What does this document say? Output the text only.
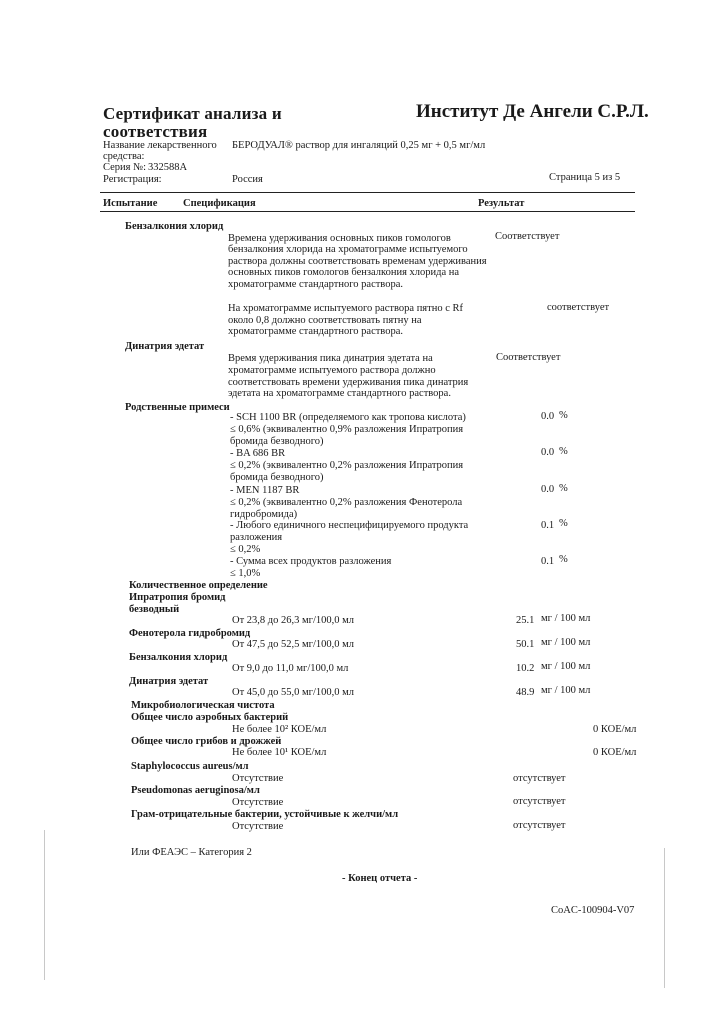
Сертификат анализа и
соответствия
Институт Де Ангели С.Р.Л.
Название лекарственного
средства:
БЕРОДУАЛ® раствор для ингаляций 0,25 мг + 0,5 мг/мл
Серия №: 332588A
Регистрация:	Россия	Страница 5 из 5
Испытание Спецификация	Результат
Бензалкония хлорид
Времена удерживания основных пиков гомологов
бензалкония хлорида на хроматограмме испытуемого
раствора должны соответствовать временам удерживания
основных пиков гомологов бензалкония хлорида на
хроматограмме стандартного раствора.
Соответствует
На хроматограмме испытуемого раствора пятно с Rf
около 0,8 должно соответствовать пятну на
хроматограмме стандартного раствора.
соответствует
Динатрия эдетат
Время удерживания пика динатрия эдетата на
хроматограмме испытуемого раствора должно
соответствовать времени удерживания пика динатрия
эдетата на хроматограмме стандартного раствора.
Соответствует
Родственные примеси
- SCH 1100 BR (определяемого как тропова кислота)
≤ 0,6% (эквивалентно 0,9% разложения Ипратропия
бромида безводного)
0.0 %
- BA 686 BR
≤ 0,2% (эквивалентно 0,2% разложения Ипратропия
бромида безводного)
0.0 %
- MEN 1187 BR
≤ 0,2% (эквивалентно 0,2% разложения Фенотерола
гидробромида)
0.0 %
- Любого единичного неспецифицируемого продукта
разложения
≤ 0,2%
0.1 %
- Сумма всех продуктов разложения
≤ 1,0%
0.1 %
Количественное определение
Ипратропия бромид
безводный
От 23,8 до 26,3 мг/100,0 мл	25.1 мг / 100 мл
Фенотерола гидробромид
От 47,5 до 52,5 мг/100,0 мл	50.1 мг / 100 мл
Бензалкония хлорид
От 9,0 до 11,0 мг/100,0 мл	10.2 мг / 100 мл
Динатрия эдетат
От 45,0 до 55,0 мг/100,0 мл	48.9 мг / 100 мл
Микробиологическая чистота
Общее число аэробных бактерий
Не более 10² КОЕ/мл	0 КОЕ/мл
Общее число грибов и дрожжей
Не более 10¹ КОЕ/мл	0 КОЕ/мл
Staphylococcus aureus/мл
Отсутствие	отсутствует
Pseudomonas aeruginosa/мл
Отсутствие	отсутствует
Грам-отрицательные бактерии, устойчивые к желчи/мл
Отсутствие	отсутствует
Или ФЕАЭС – Категория 2
- Конец отчета -
CoAC-100904-V07
